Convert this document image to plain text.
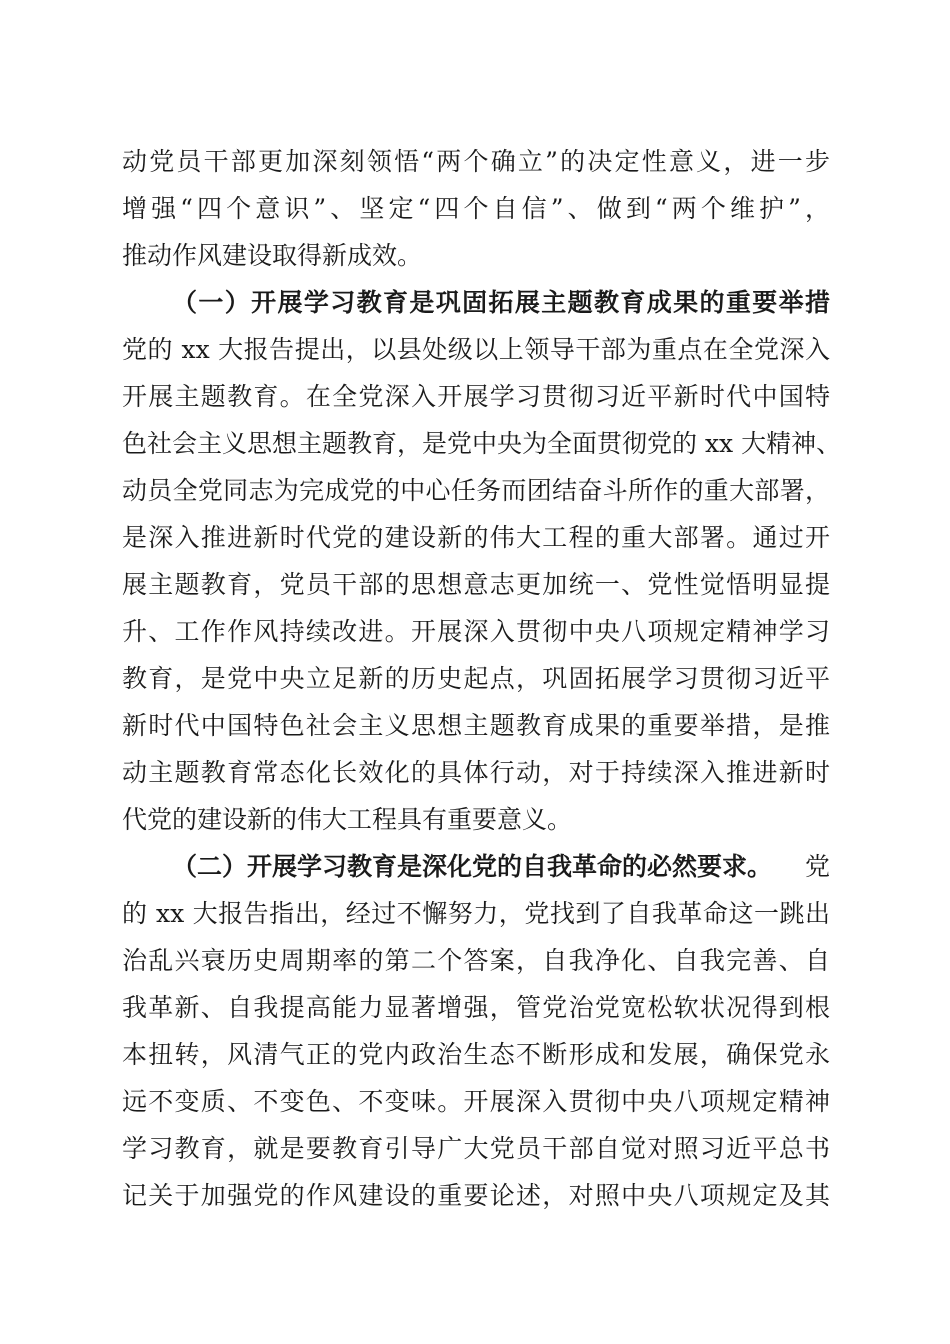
动党员干部更加深刻领悟“两个确立”的决定性意义，进一步
增强“四个意识”、坚定“四个自信”、做到“两个维护”，
推动作风建设取得新成效。
（一）开展学习教育是巩固拓展主题教育成果的重要举措
党的 xx 大报告提出，以县处级以上领导干部为重点在全党深入
开展主题教育。在全党深入开展学习贯彻习近平新时代中国特
色社会主义思想主题教育，是党中央为全面贯彻党的 xx 大精神、
动员全党同志为完成党的中心任务而团结奋斗所作的重大部署，
是深入推进新时代党的建设新的伟大工程的重大部署。通过开
展主题教育，党员干部的思想意志更加统一、党性觉悟明显提
升、工作作风持续改进。开展深入贯彻中央八项规定精神学习
教育，是党中央立足新的历史起点，巩固拓展学习贯彻习近平
新时代中国特色社会主义思想主题教育成果的重要举措，是推
动主题教育常态化长效化的具体行动，对于持续深入推进新时
代党的建设新的伟大工程具有重要意义。
（二）开展学习教育是深化党的自我革命的必然要求。 党
的 xx 大报告指出，经过不懈努力，党找到了自我革命这一跳出
治乱兴衰历史周期率的第二个答案，自我净化、自我完善、自
我革新、自我提高能力显著增强，管党治党宽松软状况得到根
本扭转，风清气正的党内政治生态不断形成和发展，确保党永
远不变质、不变色、不变味。开展深入贯彻中央八项规定精神
学习教育，就是要教育引导广大党员干部自觉对照习近平总书
记关于加强党的作风建设的重要论述，对照中央八项规定及其
